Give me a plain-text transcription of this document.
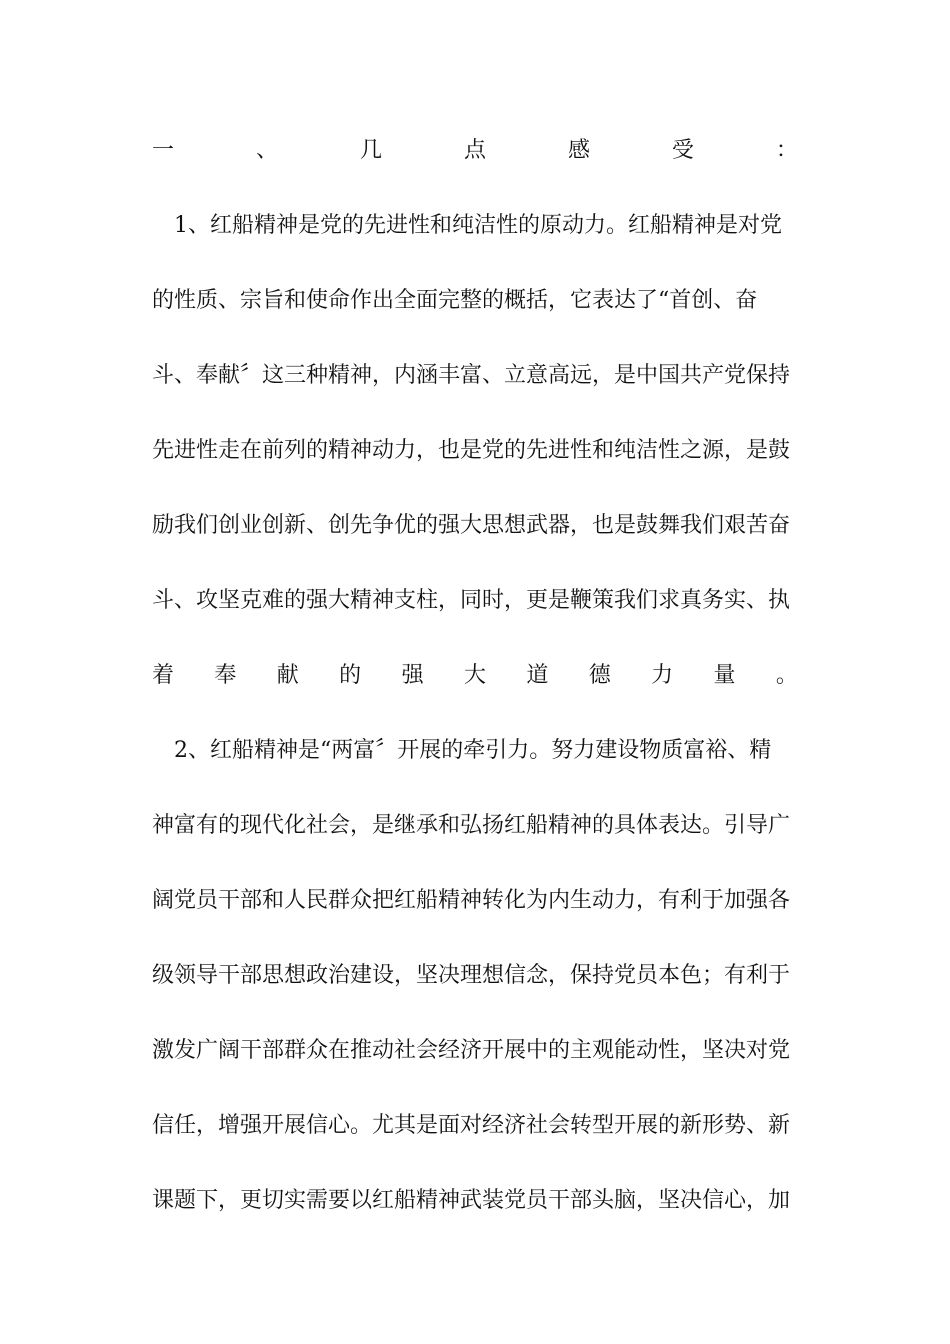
一	、	几	点	感	受	：
　1、红船精神是党的先进性和纯洁性的原动力。红船精神是对党
的性质、宗旨和使命作出全面完整的概括，它表达了“首创、奋
斗、奉献〞这三种精神，内涵丰富、立意高远，是中国共产党保持
先进性走在前列的精神动力，也是党的先进性和纯洁性之源，是鼓
励我们创业创新、创先争优的强大思想武器，也是鼓舞我们艰苦奋
斗、攻坚克难的强大精神支柱，同时，更是鞭策我们求真务实、执
着 奉 献 的 强 大 道 德 力 量 。
　2、红船精神是“两富〞开展的牵引力。努力建设物质富裕、精
神富有的现代化社会，是继承和弘扬红船精神的具体表达。引导广
阔党员干部和人民群众把红船精神转化为内生动力，有利于加强各
级领导干部思想政治建设，坚决理想信念，保持党员本色；有利于
激发广阔干部群众在推动社会经济开展中的主观能动性，坚决对党
信任，增强开展信心。尤其是面对经济社会转型开展的新形势、新
课题下，更切实需要以红船精神武装党员干部头脑，坚决信心，加
